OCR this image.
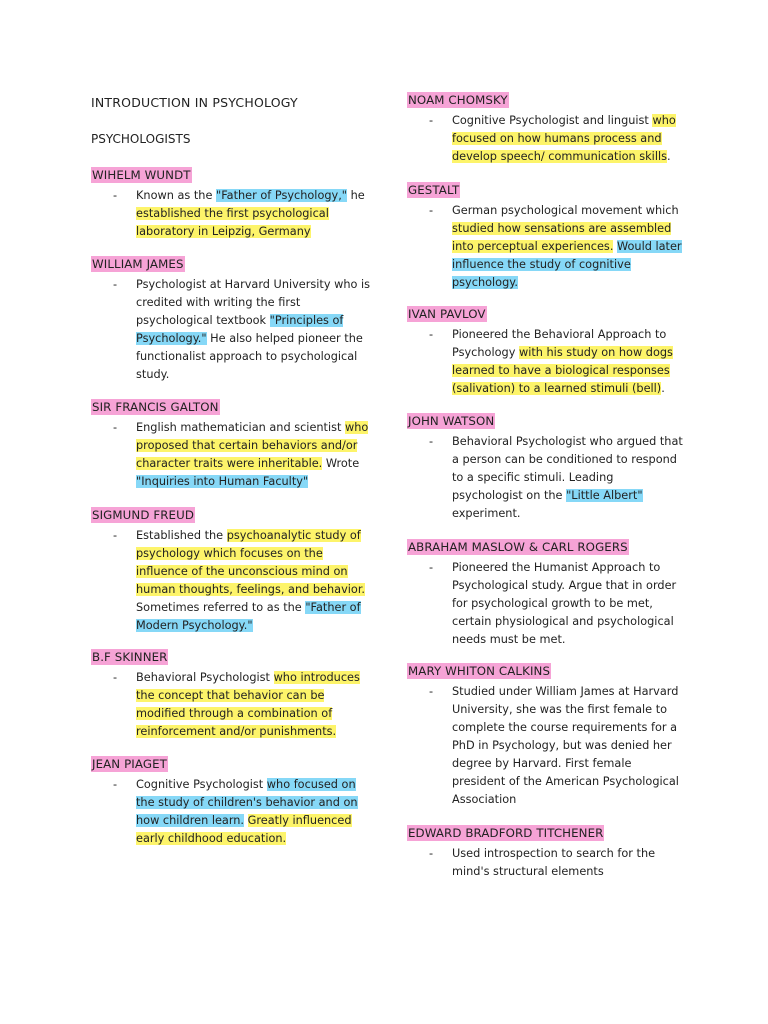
INTRODUCTION IN PSYCHOLOGY
PSYCHOLOGISTS
WIHELM WUNDT
- Known as the "Father of Psychology," he established the first psychological laboratory in Leipzig, Germany
WILLIAM JAMES
- Psychologist at Harvard University who is credited with writing the first psychological textbook "Principles of Psychology." He also helped pioneer the functionalist approach to psychological study.
SIR FRANCIS GALTON
- English mathematician and scientist who proposed that certain behaviors and/or character traits were inheritable. Wrote "Inquiries into Human Faculty"
SIGMUND FREUD
- Established the psychoanalytic study of psychology which focuses on the influence of the unconscious mind on human thoughts, feelings, and behavior. Sometimes referred to as the "Father of Modern Psychology."
B.F SKINNER
- Behavioral Psychologist who introduces the concept that behavior can be modified through a combination of reinforcement and/or punishments.
JEAN PIAGET
- Cognitive Psychologist who focused on the study of children's behavior and on how children learn. Greatly influenced early childhood education.
NOAM CHOMSKY
- Cognitive Psychologist and linguist who focused on how humans process and develop speech/ communication skills.
GESTALT
- German psychological movement which studied how sensations are assembled into perceptual experiences. Would later influence the study of cognitive psychology.
IVAN PAVLOV
- Pioneered the Behavioral Approach to Psychology with his study on how dogs learned to have a biological responses (salivation) to a learned stimuli (bell).
JOHN WATSON
- Behavioral Psychologist who argued that a person can be conditioned to respond to a specific stimuli. Leading psychologist on the "Little Albert" experiment.
ABRAHAM MASLOW & CARL ROGERS
- Pioneered the Humanist Approach to Psychological study. Argue that in order for psychological growth to be met, certain physiological and psychological needs must be met.
MARY WHITON CALKINS
- Studied under William James at Harvard University, she was the first female to complete the course requirements for a PhD in Psychology, but was denied her degree by Harvard. First female president of the American Psychological Association
EDWARD BRADFORD TITCHENER
- Used introspection to search for the mind's structural elements
